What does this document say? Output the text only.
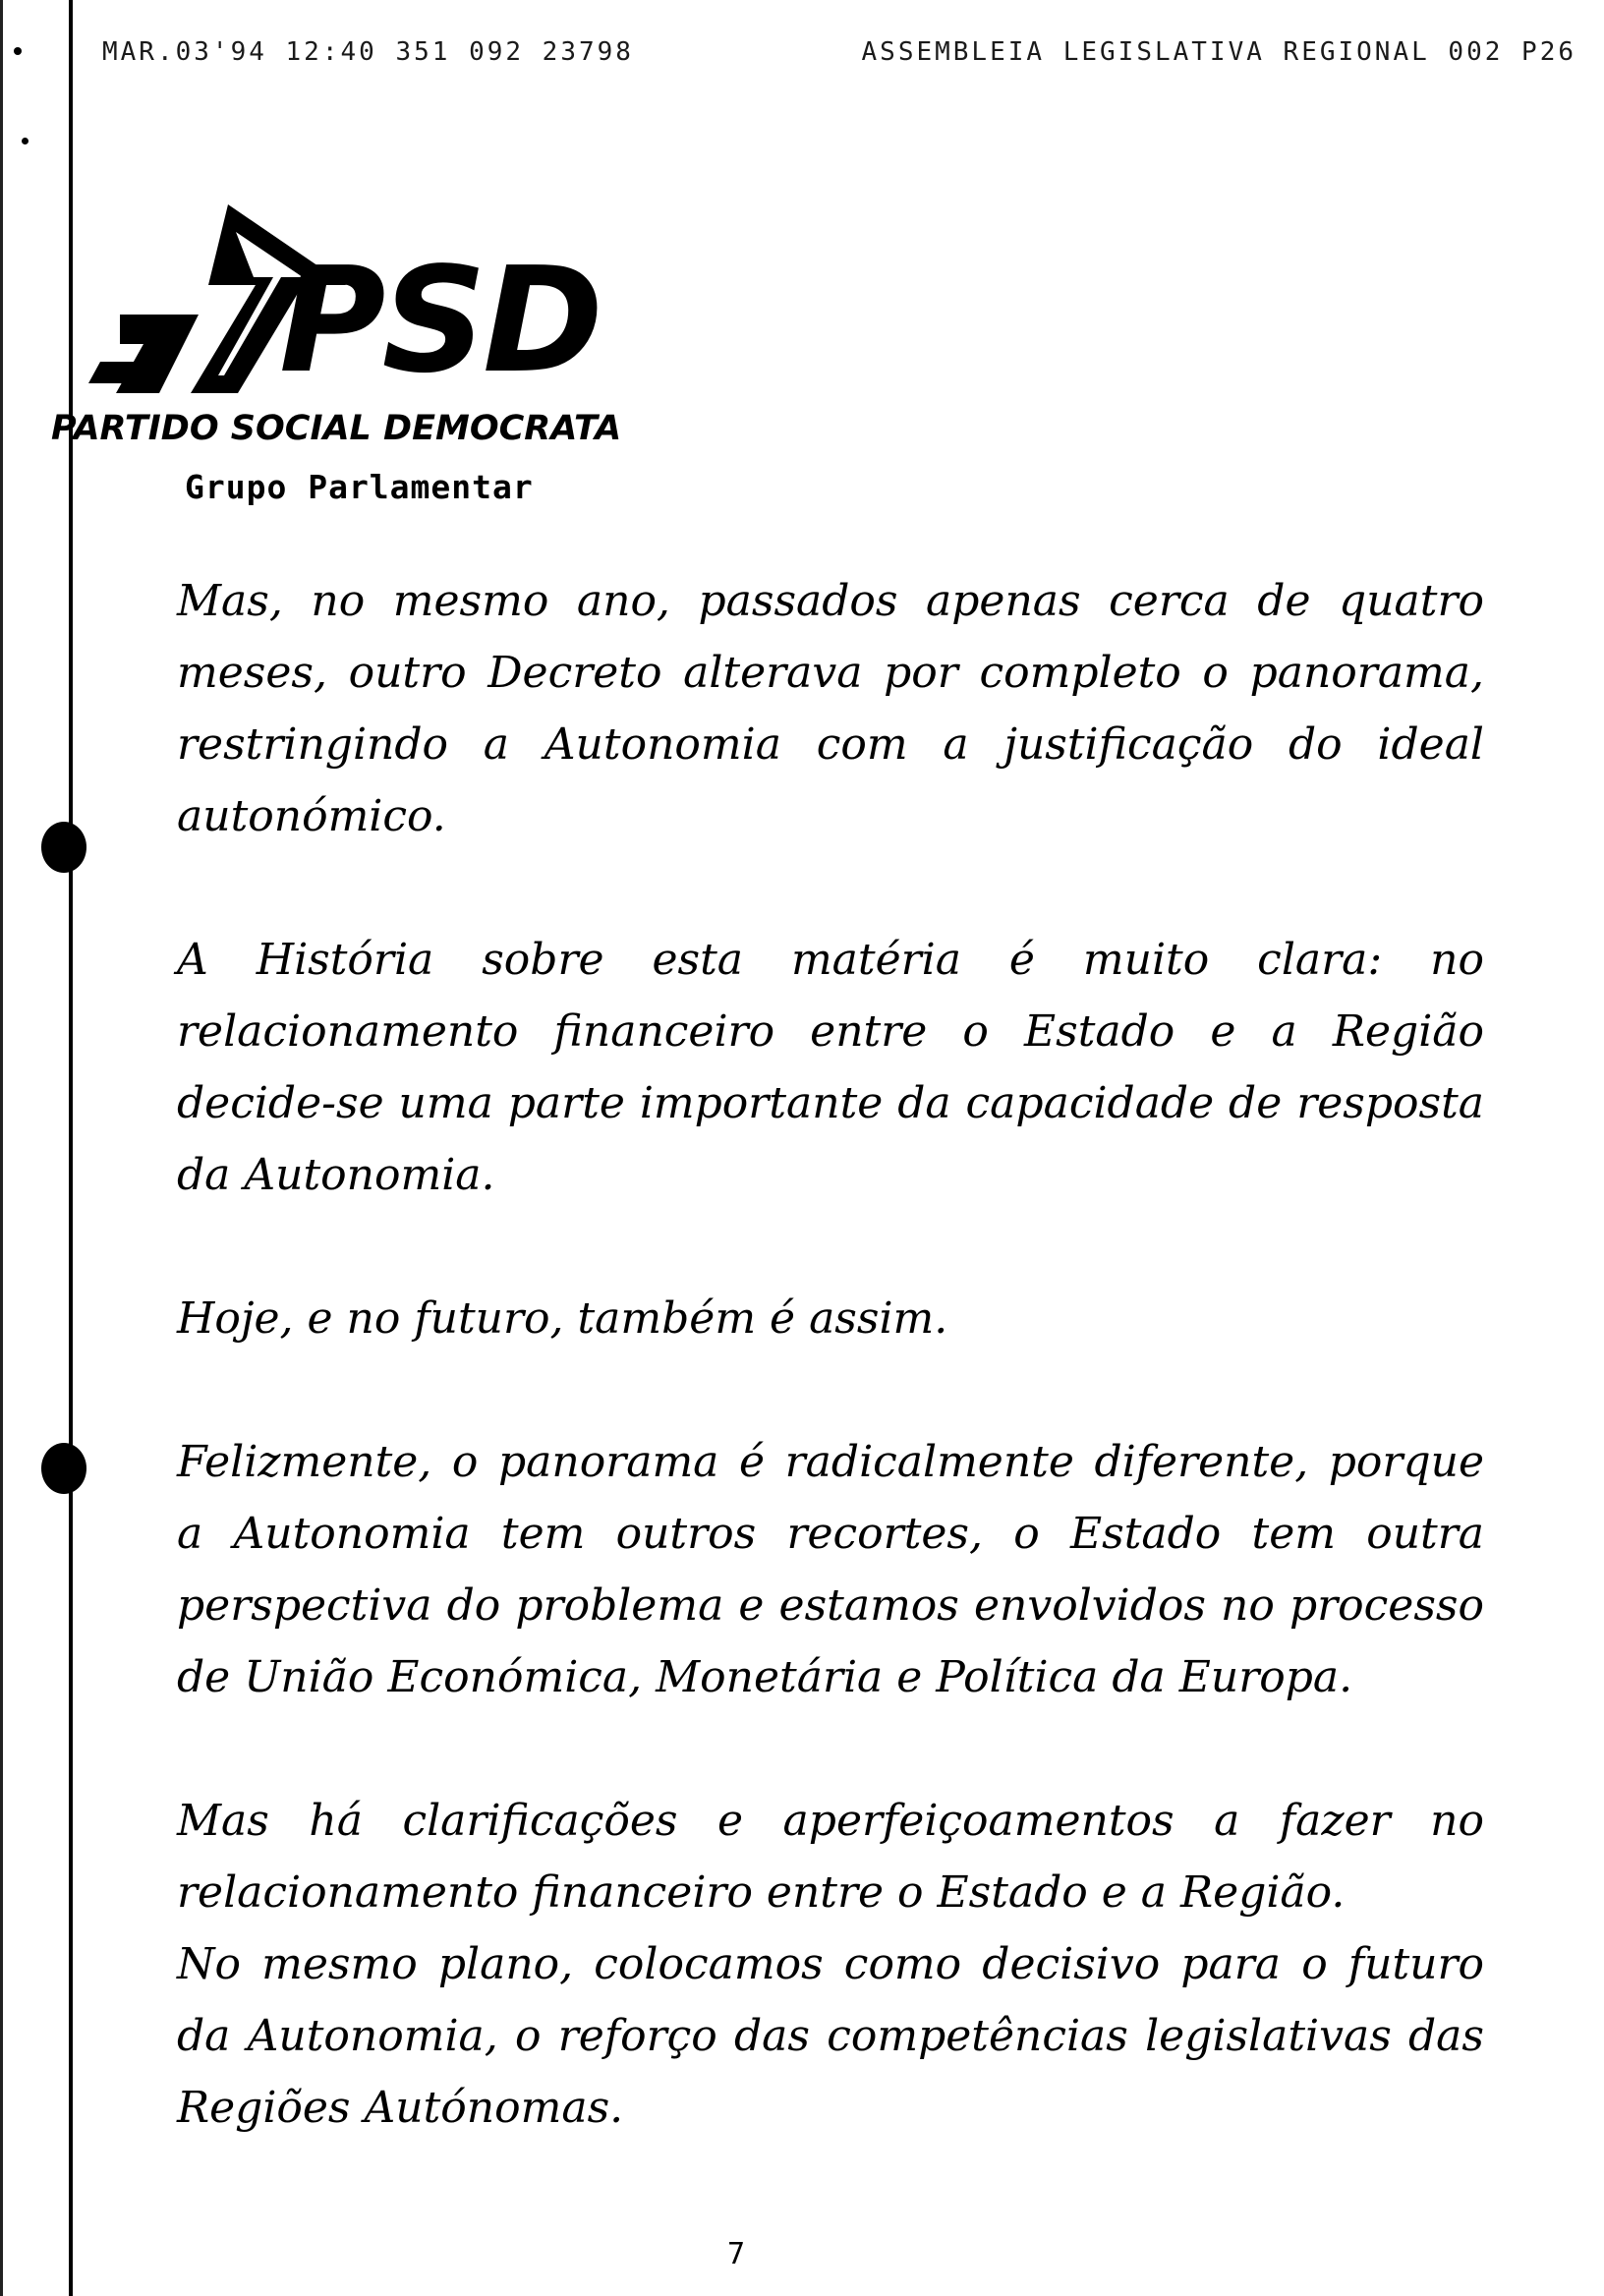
MAR.03'94 12:40 351 092 23798	ASSEMBLEIA LEGISLATIVA REGIONAL 002 P26
PSD
PARTIDO SOCIAL DEMOCRATA
Grupo Parlamentar

Mas, no mesmo ano, passados apenas cerca de quatro meses, outro Decreto alterava por completo o panorama, restringindo a Autonomia com a justificação do ideal autonómico.

A História sobre esta matéria é muito clara: no relacionamento financeiro entre o Estado e a Região decide-se uma parte importante da capacidade de resposta da Autonomia.

Hoje, e no futuro, também é assim.

Felizmente, o panorama é radicalmente diferente, porque a Autonomia tem outros recortes, o Estado tem outra perspectiva do problema e estamos envolvidos no processo de União Económica, Monetária e Política da Europa.

Mas há clarificações e aperfeiçoamentos a fazer no relacionamento financeiro entre o Estado e a Região.

No mesmo plano, colocamos como decisivo para o futuro da Autonomia, o reforço das competências legislativas das Regiões Autónomas.

7
